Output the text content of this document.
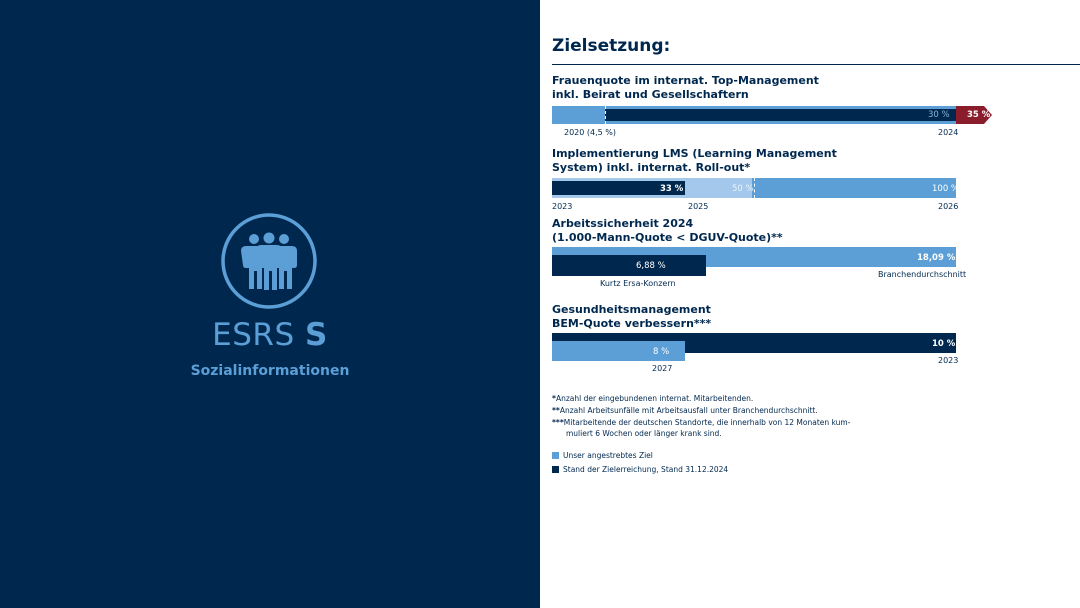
ESRS S
Sozialinformationen
Zielsetzung:
Frauenquote im internat. Top-Management
inkl. Beirat und Gesellschaftern
30 % 35 %
2020 (4,5 %)	2024
Implementierung LMS (Learning Management
System) inkl. internat. Roll-out*
33 %	50 %	100 %
2023	2025	2026
Arbeitssicherheit 2024
(1.000-Mann-Quote < DGUV-Quote)**
18,09 %
6,88 %
Kurtz Ersa-Konzern
Branchendurchschnitt
Gesundheitsmanagement
BEM-Quote verbessern***
10 %
8 %
2027
2023
*Anzahl der eingebundenen internat. Mitarbeitenden.
**Anzahl Arbeitsunfälle mit Arbeitsausfall unter Branchendurchschnitt.
***Mitarbeitende der deutschen Standorte, die innerhalb von 12 Monaten kum-
muliert 6 Wochen oder länger krank sind.
Unser angestrebtes Ziel
Stand der Zielerreichung, Stand 31.12.2024
